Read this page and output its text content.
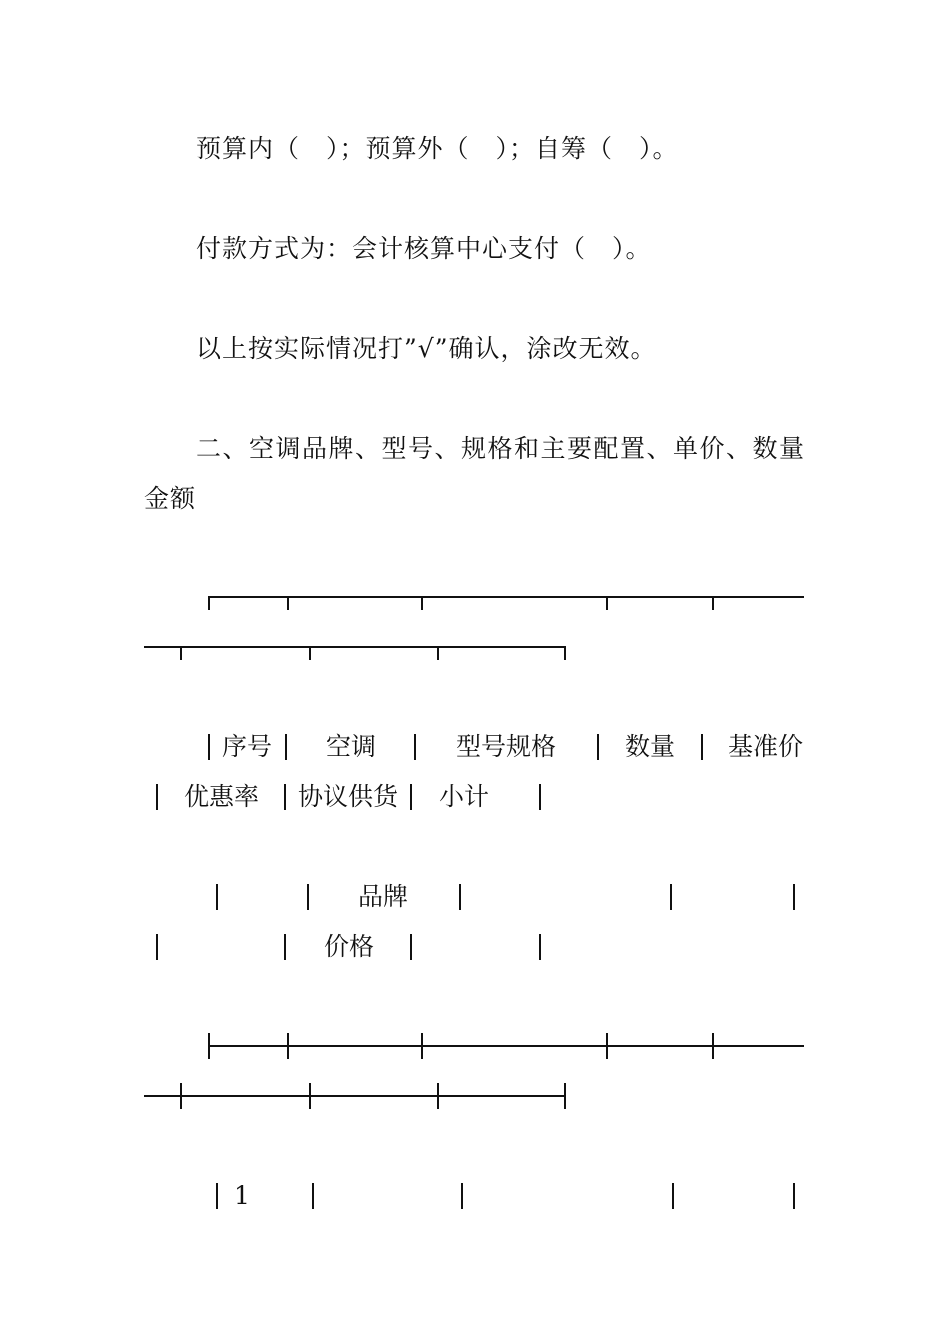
预算内（　）；预算外（　）；自筹（　）。
付款方式为：会计核算中心支付（　）。
以上按实际情况打”√”确认，涂改无效。
二、空调品牌、型号、规格和主要配置、单价、数量
金额
序号 空调	型号规格	数量 基准价
优惠率 协议供货 小计
品牌
价格
1
